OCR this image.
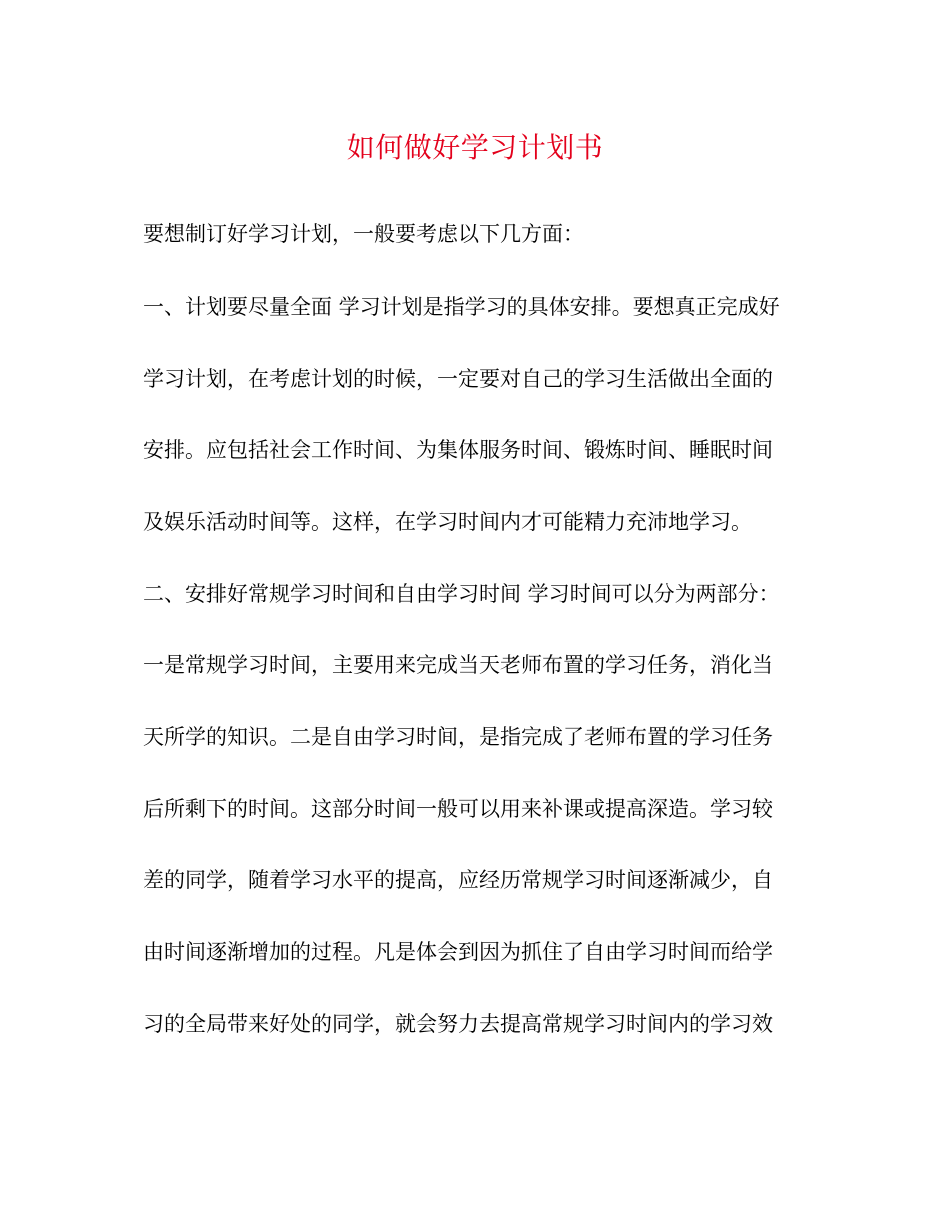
如何做好学习计划书
要想制订好学习计划，一般要考虑以下几方面：
一、计划要尽量全面 学习计划是指学习的具体安排。要想真正完成好
学习计划，在考虑计划的时候，一定要对自己的学习生活做出全面的
安排。应包括社会工作时间、为集体服务时间、锻炼时间、睡眠时间
及娱乐活动时间等。这样，在学习时间内才可能精力充沛地学习。
二、安排好常规学习时间和自由学习时间 学习时间可以分为两部分：
一是常规学习时间，主要用来完成当天老师布置的学习任务，消化当
天所学的知识。二是自由学习时间，是指完成了老师布置的学习任务
后所剩下的时间。这部分时间一般可以用来补课或提高深造。学习较
差的同学，随着学习水平的提高，应经历常规学习时间逐渐减少，自
由时间逐渐增加的过程。凡是体会到因为抓住了自由学习时间而给学
习的全局带来好处的同学，就会努力去提高常规学习时间内的学习效
